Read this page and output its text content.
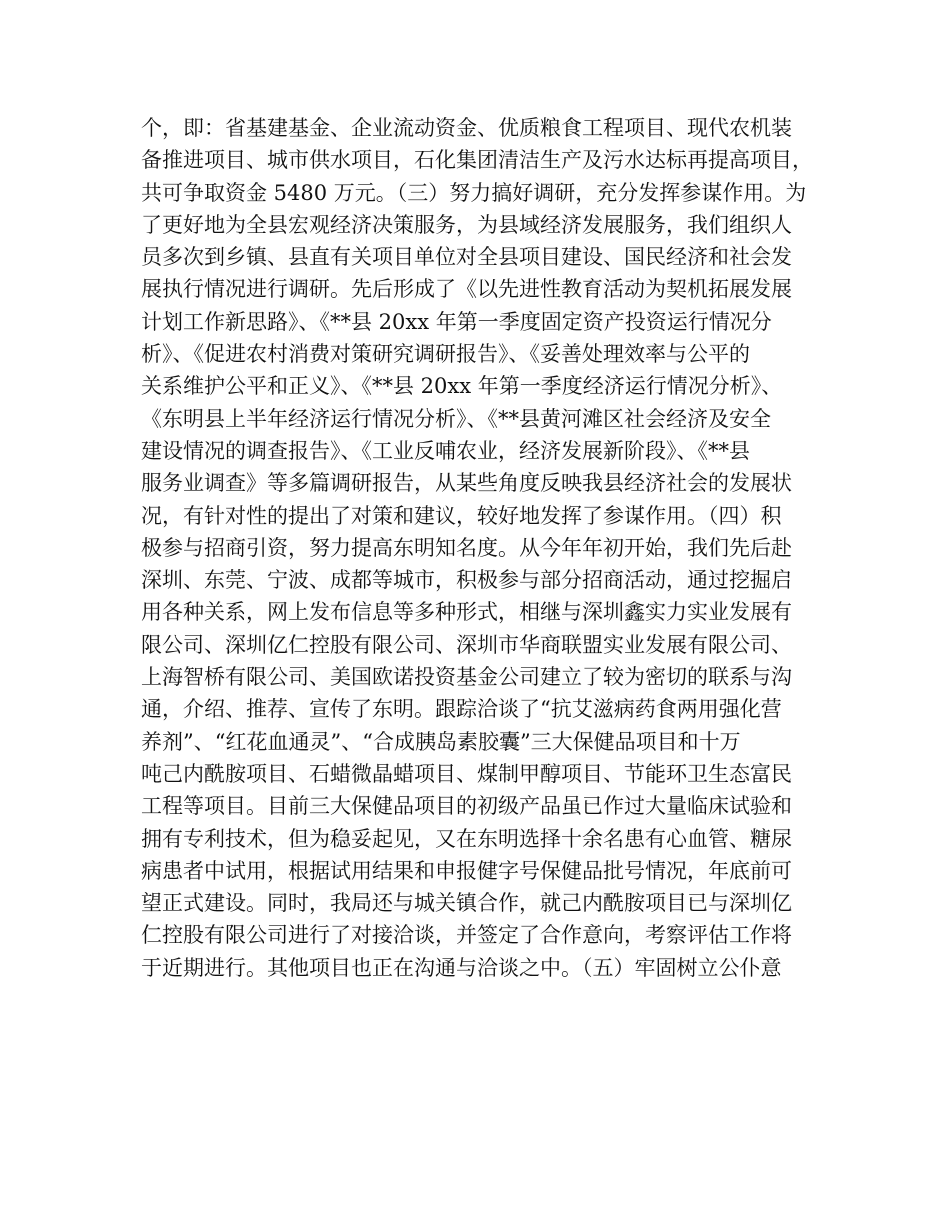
个，即：省基建基金、企业流动资金、优质粮食工程项目、现代农机装
备推进项目、城市供水项目，石化集团清洁生产及污水达标再提高项目，
共可争取资金 5480 万元。（三）努力搞好调研，充分发挥参谋作用。为
了更好地为全县宏观经济决策服务，为县域经济发展服务，我们组织人
员多次到乡镇、县直有关项目单位对全县项目建设、国民经济和社会发
展执行情况进行调研。先后形成了《以先进性教育活动为契机拓展发展
计划工作新思路》、《**县 20xx 年第一季度固定资产投资运行情况分
析》、《促进农村消费对策研究调研报告》、《妥善处理效率与公平的
关系维护公平和正义》、《**县 20xx 年第一季度经济运行情况分析》、
《东明县上半年经济运行情况分析》、《**县黄河滩区社会经济及安全
建设情况的调查报告》、《工业反哺农业，经济发展新阶段》、《**县
服务业调查》等多篇调研报告，从某些角度反映我县经济社会的发展状
况，有针对性的提出了对策和建议，较好地发挥了参谋作用。（四）积
极参与招商引资，努力提高东明知名度。从今年年初开始，我们先后赴
深圳、东莞、宁波、成都等城市，积极参与部分招商活动，通过挖掘启
用各种关系，网上发布信息等多种形式，相继与深圳鑫实力实业发展有
限公司、深圳亿仁控股有限公司、深圳市华商联盟实业发展有限公司、
上海智桥有限公司、美国欧诺投资基金公司建立了较为密切的联系与沟
通，介绍、推荐、宣传了东明。跟踪洽谈了“抗艾滋病药食两用强化营
养剂”、“红花血通灵”、“合成胰岛素胶囊”三大保健品项目和十万
吨己内酰胺项目、石蜡微晶蜡项目、煤制甲醇项目、节能环卫生态富民
工程等项目。目前三大保健品项目的初级产品虽已作过大量临床试验和
拥有专利技术，但为稳妥起见，又在东明选择十余名患有心血管、糖尿
病患者中试用，根据试用结果和申报健字号保健品批号情况，年底前可
望正式建设。同时，我局还与城关镇合作，就己内酰胺项目已与深圳亿
仁控股有限公司进行了对接洽谈，并签定了合作意向，考察评估工作将
于近期进行。其他项目也正在沟通与洽谈之中。（五）牢固树立公仆意
